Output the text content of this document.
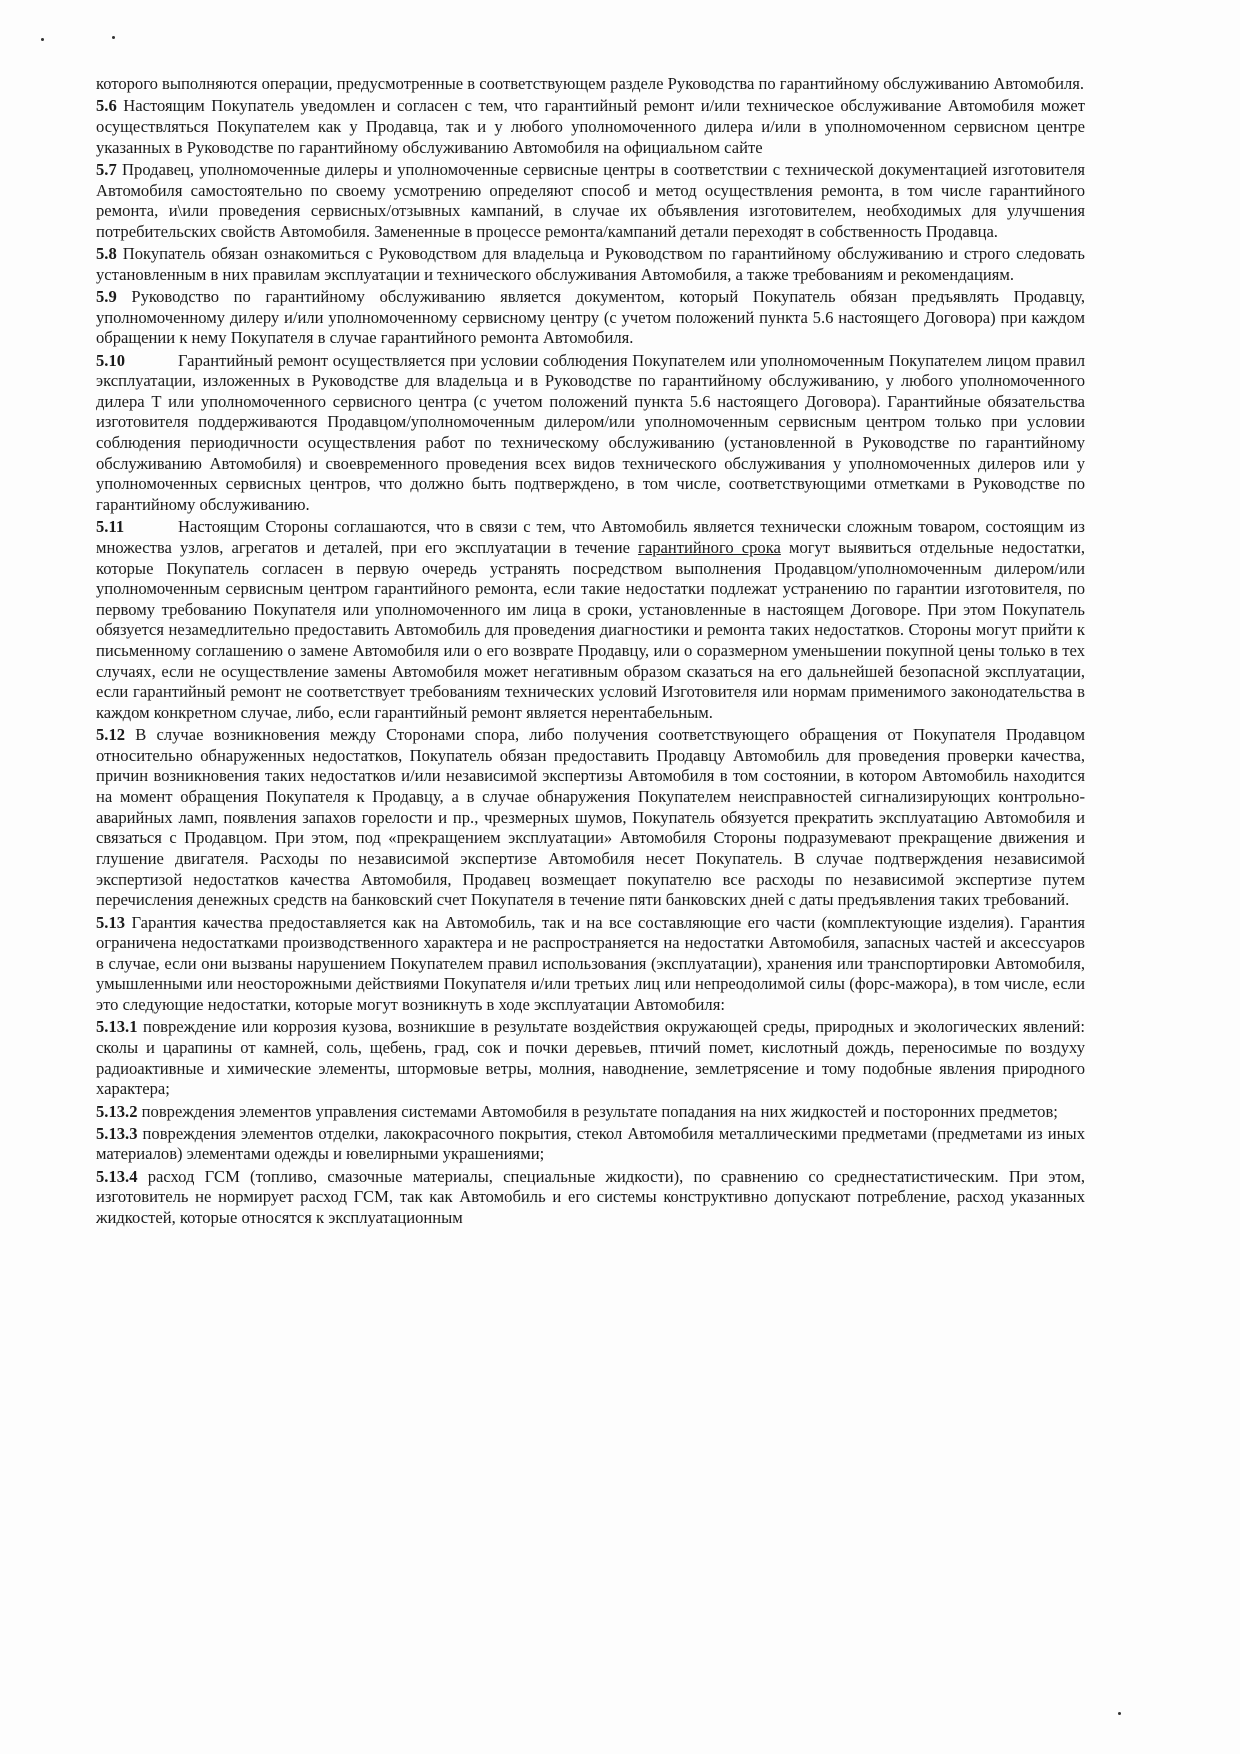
которого выполняются операции, предусмотренные в соответствующем разделе Руководства по гарантийному обслуживанию Автомобиля.

5.6 Настоящим Покупатель уведомлен и согласен с тем, что гарантийный ремонт и/или техническое обслуживание Автомобиля может осуществляться Покупателем как у Продавца, так и у любого уполномоченного дилера и/или в уполномоченном сервисном центре указанных в Руководстве по гарантийному обслуживанию Автомобиля на официальном сайте

5.7 Продавец, уполномоченные дилеры и уполномоченные сервисные центры в соответствии с технической документацией изготовителя Автомобиля самостоятельно по своему усмотрению определяют способ и метод осуществления ремонта, в том числе гарантийного ремонта, и\или проведения сервисных/отзывных кампаний, в случае их объявления изготовителем, необходимых для улучшения потребительских свойств Автомобиля. Замененные в процессе ремонта/кампаний детали переходят в собственность Продавца.

5.8 Покупатель обязан ознакомиться с Руководством для владельца и Руководством по гарантийному обслуживанию и строго следовать установленным в них правилам эксплуатации и технического обслуживания Автомобиля, а также требованиям и рекомендациям.

5.9 Руководство по гарантийному обслуживанию является документом, который Покупатель обязан предъявлять Продавцу, уполномоченному дилеру и/или уполномоченному сервисному центру (с учетом положений пункта 5.6 настоящего Договора) при каждом обращении к нему Покупателя в случае гарантийного ремонта Автомобиля.

5.10	Гарантийный ремонт осуществляется при условии соблюдения Покупателем или уполномоченным Покупателем лицом правил эксплуатации, изложенных в Руководстве для владельца и в Руководстве по гарантийному обслуживанию, у любого уполномоченного дилера Т или уполномоченного сервисного центра (с учетом положений пункта 5.6 настоящего Договора). Гарантийные обязательства изготовителя поддерживаются Продавцом/уполномоченным дилером/или уполномоченным сервисным центром только при условии соблюдения периодичности осуществления работ по техническому обслуживанию (установленной в Руководстве по гарантийному обслуживанию Автомобиля) и своевременного проведения всех видов технического обслуживания у уполномоченных дилеров или у уполномоченных сервисных центров, что должно быть подтверждено, в том числе, соответствующими отметками в Руководстве по гарантийному обслуживанию.

5.11	Настоящим Стороны соглашаются, что в связи с тем, что Автомобиль является технически сложным товаром, состоящим из множества узлов, агрегатов и деталей, при его эксплуатации в течение гарантийного срока могут выявиться отдельные недостатки, которые Покупатель согласен в первую очередь устранять посредством выполнения Продавцом/уполномоченным дилером/или уполномоченным сервисным центром гарантийного ремонта, если такие недостатки подлежат устранению по гарантии изготовителя, по первому требованию Покупателя или уполномоченного им лица в сроки, установленные в настоящем Договоре. При этом Покупатель обязуется незамедлительно предоставить Автомобиль для проведения диагностики и ремонта таких недостатков. Стороны могут прийти к письменному соглашению о замене Автомобиля или о его возврате Продавцу, или о соразмерном уменьшении покупной цены только в тех случаях, если не осуществление замены Автомобиля может негативным образом сказаться на его дальнейшей безопасной эксплуатации, если гарантийный ремонт не соответствует требованиям технических условий Изготовителя или нормам применимого законодательства в каждом конкретном случае, либо, если гарантийный ремонт является нерентабельным.

5.12 В случае возникновения между Сторонами спора, либо получения соответствующего обращения от Покупателя Продавцом относительно обнаруженных недостатков, Покупатель обязан предоставить Продавцу Автомобиль для проведения проверки качества, причин возникновения таких недостатков и/или независимой экспертизы Автомобиля в том состоянии, в котором Автомобиль находится на момент обращения Покупателя к Продавцу, а в случае обнаружения Покупателем неисправностей сигнализирующих контрольно-аварийных ламп, появления запахов горелости и пр., чрезмерных шумов, Покупатель обязуется прекратить эксплуатацию Автомобиля и связаться с Продавцом. При этом, под «прекращением эксплуатации» Автомобиля Стороны подразумевают прекращение движения и глушение двигателя. Расходы по независимой экспертизе Автомобиля несет Покупатель. В случае подтверждения независимой экспертизой недостатков качества Автомобиля, Продавец возмещает покупателю все расходы по независимой экспертизе путем перечисления денежных средств на банковский счет Покупателя в течение пяти банковских дней с даты предъявления таких требований.

5.13 Гарантия качества предоставляется как на Автомобиль, так и на все составляющие его части (комплектующие изделия). Гарантия ограничена недостатками производственного характера и не распространяется на недостатки Автомобиля, запасных частей и аксессуаров в случае, если они вызваны нарушением Покупателем правил использования (эксплуатации), хранения или транспортировки Автомобиля, умышленными или неосторожными действиями Покупателя и/или третьих лиц или непреодолимой силы (форс-мажора), в том числе, если это следующие недостатки, которые могут возникнуть в ходе эксплуатации Автомобиля:

5.13.1 повреждение или коррозия кузова, возникшие в результате воздействия окружающей среды, природных и экологических явлений: сколы и царапины от камней, соль, щебень, град, сок и почки деревьев, птичий помет, кислотный дождь, переносимые по воздуху радиоактивные и химические элементы, штормовые ветры, молния, наводнение, землетрясение и тому подобные явления природного характера;

5.13.2 повреждения элементов управления системами Автомобиля в результате попадания на них жидкостей и посторонних предметов;

5.13.3 повреждения элементов отделки, лакокрасочного покрытия, стекол Автомобиля металлическими предметами (предметами из иных материалов) элементами одежды и ювелирными украшениями;

5.13.4 расход ГСМ (топливо, смазочные материалы, специальные жидкости), по сравнению со среднестатистическим. При этом, изготовитель не нормирует расход ГСМ, так как Автомобиль и его системы конструктивно допускают потребление, расход указанных жидкостей, которые относятся к эксплуатационным
